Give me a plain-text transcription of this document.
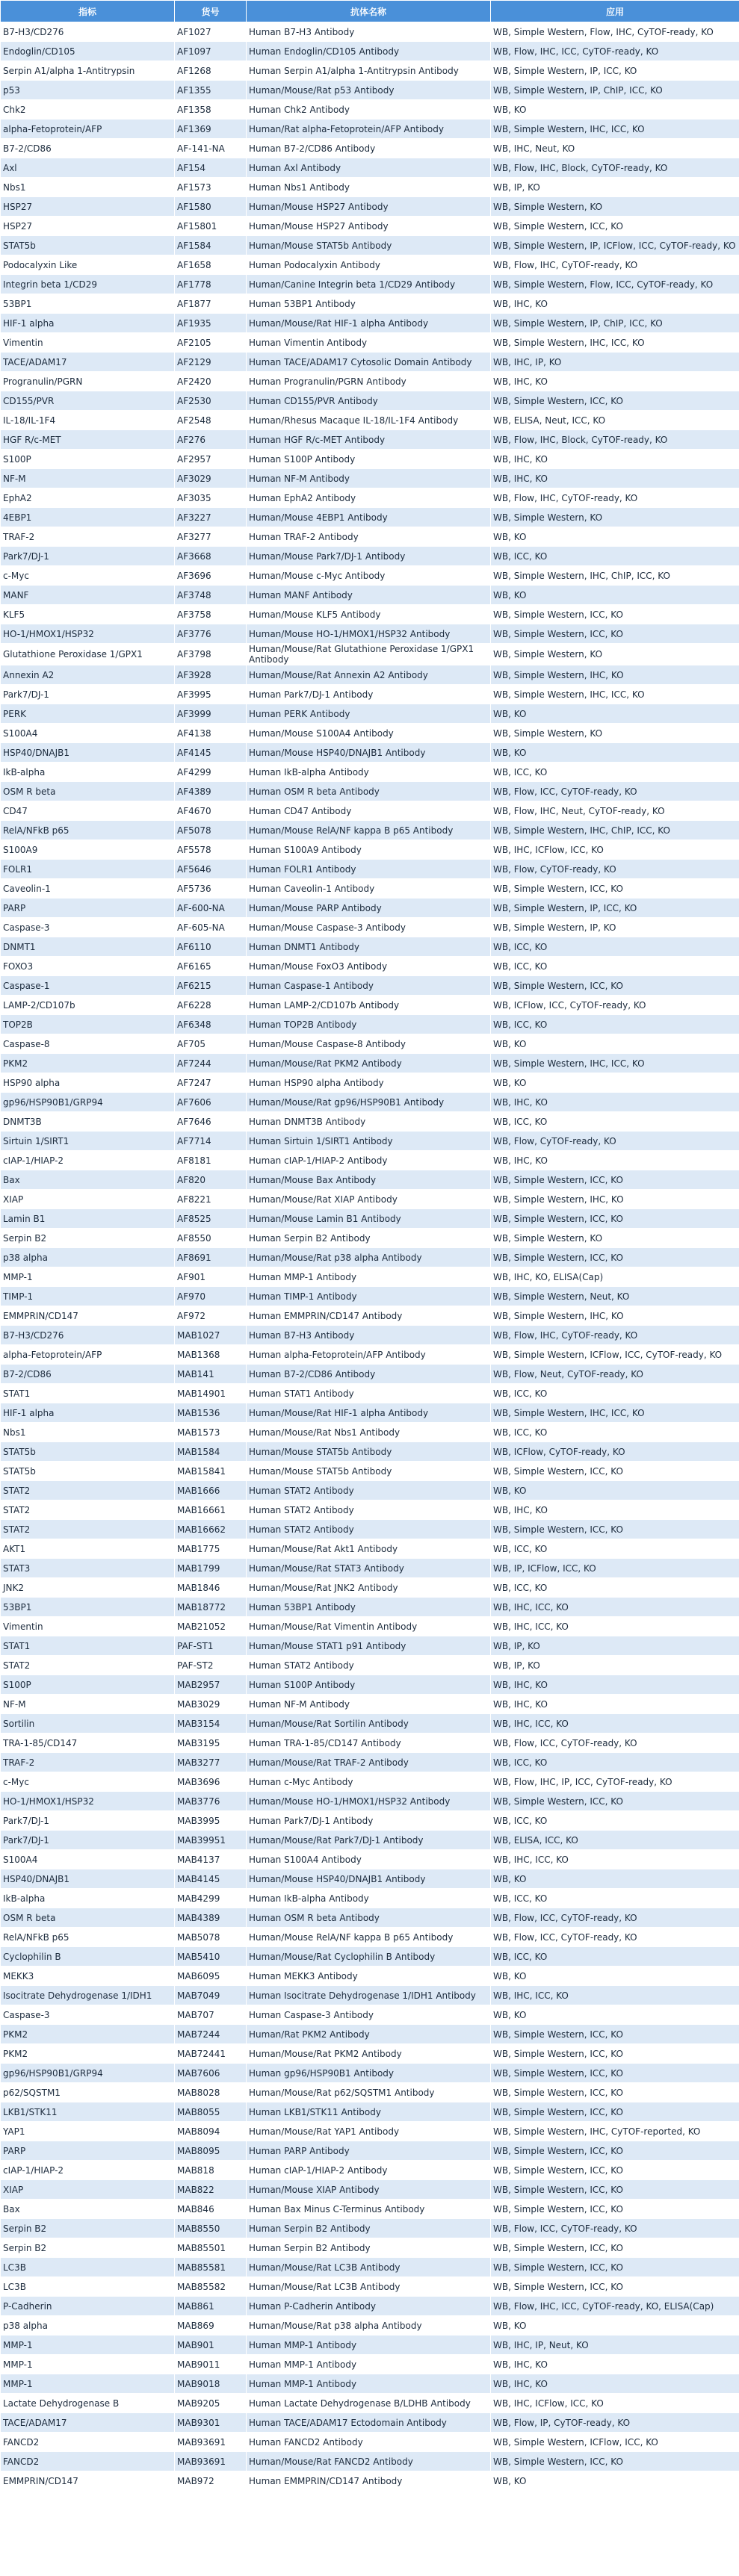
指标	货号	抗体名称	应用
B7-H3/CD276	AF1027	Human B7-H3 Antibody	WB, Simple Western, Flow, IHC, CyTOF-ready, KO
Endoglin/CD105	AF1097	Human Endoglin/CD105 Antibody	WB, Flow, IHC, ICC, CyTOF-ready, KO
Serpin A1/alpha 1-Antitrypsin	AF1268	Human Serpin A1/alpha 1-Antitrypsin Antibody	WB, Simple Western, IP, ICC, KO
p53	AF1355	Human/Mouse/Rat p53 Antibody	WB, Simple Western, IP, ChIP, ICC, KO
Chk2	AF1358	Human Chk2 Antibody	WB, KO
alpha-Fetoprotein/AFP	AF1369	Human/Rat alpha-Fetoprotein/AFP Antibody	WB, Simple Western, IHC, ICC, KO
B7-2/CD86	AF-141-NA	Human B7-2/CD86 Antibody	WB, IHC, Neut, KO
Axl	AF154	Human Axl Antibody	WB, Flow, IHC, Block, CyTOF-ready, KO
Nbs1	AF1573	Human Nbs1 Antibody	WB, IP, KO
HSP27	AF1580	Human/Mouse HSP27 Antibody	WB, Simple Western, KO
HSP27	AF15801	Human/Mouse HSP27 Antibody	WB, Simple Western, ICC, KO
STAT5b	AF1584	Human/Mouse STAT5b Antibody	WB, Simple Western, IP, ICFlow, ICC, CyTOF-ready, KO
Podocalyxin Like	AF1658	Human Podocalyxin Antibody	WB, Flow, IHC, CyTOF-ready, KO
Integrin beta 1/CD29	AF1778	Human/Canine Integrin beta 1/CD29 Antibody	WB, Simple Western, Flow, ICC, CyTOF-ready, KO
53BP1	AF1877	Human 53BP1 Antibody	WB, IHC, KO
HIF-1 alpha	AF1935	Human/Mouse/Rat HIF-1 alpha Antibody	WB, Simple Western, IP, ChIP, ICC, KO
Vimentin	AF2105	Human Vimentin Antibody	WB, Simple Western, IHC, ICC, KO
TACE/ADAM17	AF2129	Human TACE/ADAM17 Cytosolic Domain Antibody	WB, IHC, IP, KO
Progranulin/PGRN	AF2420	Human Progranulin/PGRN Antibody	WB, IHC, KO
CD155/PVR	AF2530	Human CD155/PVR Antibody	WB, Simple Western, ICC, KO
IL-18/IL-1F4	AF2548	Human/Rhesus Macaque IL-18/IL-1F4 Antibody	WB, ELISA, Neut, ICC, KO
HGF R/c-MET	AF276	Human HGF R/c-MET Antibody	WB, Flow, IHC, Block, CyTOF-ready, KO
S100P	AF2957	Human S100P Antibody	WB, IHC, KO
NF-M	AF3029	Human NF-M Antibody	WB, IHC, KO
EphA2	AF3035	Human EphA2 Antibody	WB, Flow, IHC, CyTOF-ready, KO
4EBP1	AF3227	Human/Mouse 4EBP1 Antibody	WB, Simple Western, KO
TRAF-2	AF3277	Human TRAF-2 Antibody	WB, KO
Park7/DJ-1	AF3668	Human/Mouse Park7/DJ-1 Antibody	WB, ICC, KO
c-Myc	AF3696	Human/Mouse c-Myc Antibody	WB, Simple Western, IHC, ChIP, ICC, KO
MANF	AF3748	Human MANF Antibody	WB, KO
KLF5	AF3758	Human/Mouse KLF5 Antibody	WB, Simple Western, ICC, KO
HO-1/HMOX1/HSP32	AF3776	Human/Mouse HO-1/HMOX1/HSP32 Antibody	WB, Simple Western, ICC, KO
Glutathione Peroxidase 1/GPX1	AF3798	Human/Mouse/Rat Glutathione Peroxidase 1/GPX1 Antibody	WB, Simple Western, KO
Annexin A2	AF3928	Human/Mouse/Rat Annexin A2 Antibody	WB, Simple Western, IHC, KO
Park7/DJ-1	AF3995	Human Park7/DJ-1 Antibody	WB, Simple Western, IHC, ICC, KO
PERK	AF3999	Human PERK Antibody	WB, KO
S100A4	AF4138	Human/Mouse S100A4 Antibody	WB, Simple Western, KO
HSP40/DNAJB1	AF4145	Human/Mouse HSP40/DNAJB1 Antibody	WB, KO
IkB-alpha	AF4299	Human IkB-alpha Antibody	WB, ICC, KO
OSM R beta	AF4389	Human OSM R beta Antibody	WB, Flow, ICC, CyTOF-ready, KO
CD47	AF4670	Human CD47 Antibody	WB, Flow, IHC, Neut, CyTOF-ready, KO
RelA/NFkB p65	AF5078	Human/Mouse RelA/NF kappa B p65 Antibody	WB, Simple Western, IHC, ChIP, ICC, KO
S100A9	AF5578	Human S100A9 Antibody	WB, IHC, ICFlow, ICC, KO
FOLR1	AF5646	Human FOLR1 Antibody	WB, Flow, CyTOF-ready, KO
Caveolin-1	AF5736	Human Caveolin-1 Antibody	WB, Simple Western, ICC, KO
PARP	AF-600-NA	Human/Mouse PARP Antibody	WB, Simple Western, IP, ICC, KO
Caspase-3	AF-605-NA	Human/Mouse Caspase-3 Antibody	WB, Simple Western, IP, KO
DNMT1	AF6110	Human DNMT1 Antibody	WB, ICC, KO
FOXO3	AF6165	Human/Mouse FoxO3 Antibody	WB, ICC, KO
Caspase-1	AF6215	Human Caspase-1 Antibody	WB, Simple Western, ICC, KO
LAMP-2/CD107b	AF6228	Human LAMP-2/CD107b Antibody	WB, ICFlow, ICC, CyTOF-ready, KO
TOP2B	AF6348	Human TOP2B Antibody	WB, ICC, KO
Caspase-8	AF705	Human/Mouse Caspase-8 Antibody	WB, KO
PKM2	AF7244	Human/Mouse/Rat PKM2 Antibody	WB, Simple Western, IHC, ICC, KO
HSP90 alpha	AF7247	Human HSP90 alpha Antibody	WB, KO
gp96/HSP90B1/GRP94	AF7606	Human/Mouse/Rat gp96/HSP90B1 Antibody	WB, IHC, KO
DNMT3B	AF7646	Human DNMT3B Antibody	WB, ICC, KO
Sirtuin 1/SIRT1	AF7714	Human Sirtuin 1/SIRT1 Antibody	WB, Flow, CyTOF-ready, KO
cIAP-1/HIAP-2	AF8181	Human cIAP-1/HIAP-2 Antibody	WB, IHC, KO
Bax	AF820	Human/Mouse Bax Antibody	WB, Simple Western, ICC, KO
XIAP	AF8221	Human/Mouse/Rat XIAP Antibody	WB, Simple Western, IHC, KO
Lamin B1	AF8525	Human/Mouse Lamin B1 Antibody	WB, Simple Western, ICC, KO
Serpin B2	AF8550	Human Serpin B2 Antibody	WB, Simple Western, KO
p38 alpha	AF8691	Human/Mouse/Rat p38 alpha Antibody	WB, Simple Western, ICC, KO
MMP-1	AF901	Human MMP-1 Antibody	WB, IHC, KO, ELISA(Cap)
TIMP-1	AF970	Human TIMP-1 Antibody	WB, Simple Western, Neut, KO
EMMPRIN/CD147	AF972	Human EMMPRIN/CD147 Antibody	WB, Simple Western, IHC, KO
B7-H3/CD276	MAB1027	Human B7-H3 Antibody	WB, Flow, IHC, CyTOF-ready, KO
alpha-Fetoprotein/AFP	MAB1368	Human alpha-Fetoprotein/AFP Antibody	WB, Simple Western, ICFlow, ICC, CyTOF-ready, KO
B7-2/CD86	MAB141	Human B7-2/CD86 Antibody	WB, Flow, Neut, CyTOF-ready, KO
STAT1	MAB14901	Human STAT1 Antibody	WB, ICC, KO
HIF-1 alpha	MAB1536	Human/Mouse/Rat HIF-1 alpha Antibody	WB, Simple Western, IHC, ICC, KO
Nbs1	MAB1573	Human/Mouse/Rat Nbs1 Antibody	WB, ICC, KO
STAT5b	MAB1584	Human/Mouse STAT5b Antibody	WB, ICFlow, CyTOF-ready, KO
STAT5b	MAB15841	Human/Mouse STAT5b Antibody	WB, Simple Western, ICC, KO
STAT2	MAB1666	Human STAT2 Antibody	WB, KO
STAT2	MAB16661	Human STAT2 Antibody	WB, IHC, KO
STAT2	MAB16662	Human STAT2 Antibody	WB, Simple Western, ICC, KO
AKT1	MAB1775	Human/Mouse/Rat Akt1 Antibody	WB, ICC, KO
STAT3	MAB1799	Human/Mouse/Rat STAT3 Antibody	WB, IP, ICFlow, ICC, KO
JNK2	MAB1846	Human/Mouse/Rat JNK2 Antibody	WB, ICC, KO
53BP1	MAB18772	Human 53BP1 Antibody	WB, IHC, ICC, KO
Vimentin	MAB21052	Human/Mouse/Rat Vimentin Antibody	WB, IHC, ICC, KO
STAT1	PAF-ST1	Human/Mouse STAT1 p91 Antibody	WB, IP, KO
STAT2	PAF-ST2	Human STAT2 Antibody	WB, IP, KO
S100P	MAB2957	Human S100P Antibody	WB, IHC, KO
NF-M	MAB3029	Human NF-M Antibody	WB, IHC, KO
Sortilin	MAB3154	Human/Mouse/Rat Sortilin Antibody	WB, IHC, ICC, KO
TRA-1-85/CD147	MAB3195	Human TRA-1-85/CD147 Antibody	WB, Flow, ICC, CyTOF-ready, KO
TRAF-2	MAB3277	Human/Mouse/Rat TRAF-2 Antibody	WB, ICC, KO
c-Myc	MAB3696	Human c-Myc Antibody	WB, Flow, IHC, IP, ICC, CyTOF-ready, KO
HO-1/HMOX1/HSP32	MAB3776	Human/Mouse HO-1/HMOX1/HSP32 Antibody	WB, Simple Western, ICC, KO
Park7/DJ-1	MAB3995	Human Park7/DJ-1 Antibody	WB, ICC, KO
Park7/DJ-1	MAB39951	Human/Mouse/Rat Park7/DJ-1 Antibody	WB, ELISA, ICC, KO
S100A4	MAB4137	Human S100A4 Antibody	WB, IHC, ICC, KO
HSP40/DNAJB1	MAB4145	Human/Mouse HSP40/DNAJB1 Antibody	WB, KO
IkB-alpha	MAB4299	Human IkB-alpha Antibody	WB, ICC, KO
OSM R beta	MAB4389	Human OSM R beta Antibody	WB, Flow, ICC, CyTOF-ready, KO
RelA/NFkB p65	MAB5078	Human/Mouse RelA/NF kappa B p65 Antibody	WB, Flow, ICC, CyTOF-ready, KO
Cyclophilin B	MAB5410	Human/Mouse/Rat Cyclophilin B Antibody	WB, ICC, KO
MEKK3	MAB6095	Human MEKK3 Antibody	WB, KO
Isocitrate Dehydrogenase 1/IDH1	MAB7049	Human Isocitrate Dehydrogenase 1/IDH1 Antibody	WB, IHC, ICC, KO
Caspase-3	MAB707	Human Caspase-3 Antibody	WB, KO
PKM2	MAB7244	Human/Rat PKM2 Antibody	WB, Simple Western, ICC, KO
PKM2	MAB72441	Human/Mouse/Rat PKM2 Antibody	WB, Simple Western, ICC, KO
gp96/HSP90B1/GRP94	MAB7606	Human gp96/HSP90B1 Antibody	WB, Simple Western, ICC, KO
p62/SQSTM1	MAB8028	Human/Mouse/Rat p62/SQSTM1 Antibody	WB, Simple Western, ICC, KO
LKB1/STK11	MAB8055	Human LKB1/STK11 Antibody	WB, Simple Western, ICC, KO
YAP1	MAB8094	Human/Mouse/Rat YAP1 Antibody	WB, Simple Western, IHC, CyTOF-reported, KO
PARP	MAB8095	Human PARP Antibody	WB, Simple Western, ICC, KO
cIAP-1/HIAP-2	MAB818	Human cIAP-1/HIAP-2 Antibody	WB, Simple Western, ICC, KO
XIAP	MAB822	Human/Mouse XIAP Antibody	WB, Simple Western, ICC, KO
Bax	MAB846	Human Bax Minus C-Terminus Antibody	WB, Simple Western, ICC, KO
Serpin B2	MAB8550	Human Serpin B2 Antibody	WB, Flow, ICC, CyTOF-ready, KO
Serpin B2	MAB85501	Human Serpin B2 Antibody	WB, Simple Western, ICC, KO
LC3B	MAB85581	Human/Mouse/Rat LC3B Antibody	WB, Simple Western, ICC, KO
LC3B	MAB85582	Human/Mouse/Rat LC3B Antibody	WB, Simple Western, ICC, KO
P-Cadherin	MAB861	Human P-Cadherin Antibody	WB, Flow, IHC, ICC, CyTOF-ready, KO, ELISA(Cap)
p38 alpha	MAB869	Human/Mouse/Rat p38 alpha Antibody	WB, KO
MMP-1	MAB901	Human MMP-1 Antibody	WB, IHC, IP, Neut, KO
MMP-1	MAB9011	Human MMP-1 Antibody	WB, IHC, KO
MMP-1	MAB9018	Human MMP-1 Antibody	WB, IHC, KO
Lactate Dehydrogenase B	MAB9205	Human Lactate Dehydrogenase B/LDHB Antibody	WB, IHC, ICFlow, ICC, KO
TACE/ADAM17	MAB9301	Human TACE/ADAM17 Ectodomain Antibody	WB, Flow, IP, CyTOF-ready, KO
FANCD2	MAB93691	Human FANCD2 Antibody	WB, Simple Western, ICFlow, ICC, KO
FANCD2	MAB93691	Human/Mouse/Rat FANCD2 Antibody	WB, Simple Western, ICC, KO
EMMPRIN/CD147	MAB972	Human EMMPRIN/CD147 Antibody	WB, KO
